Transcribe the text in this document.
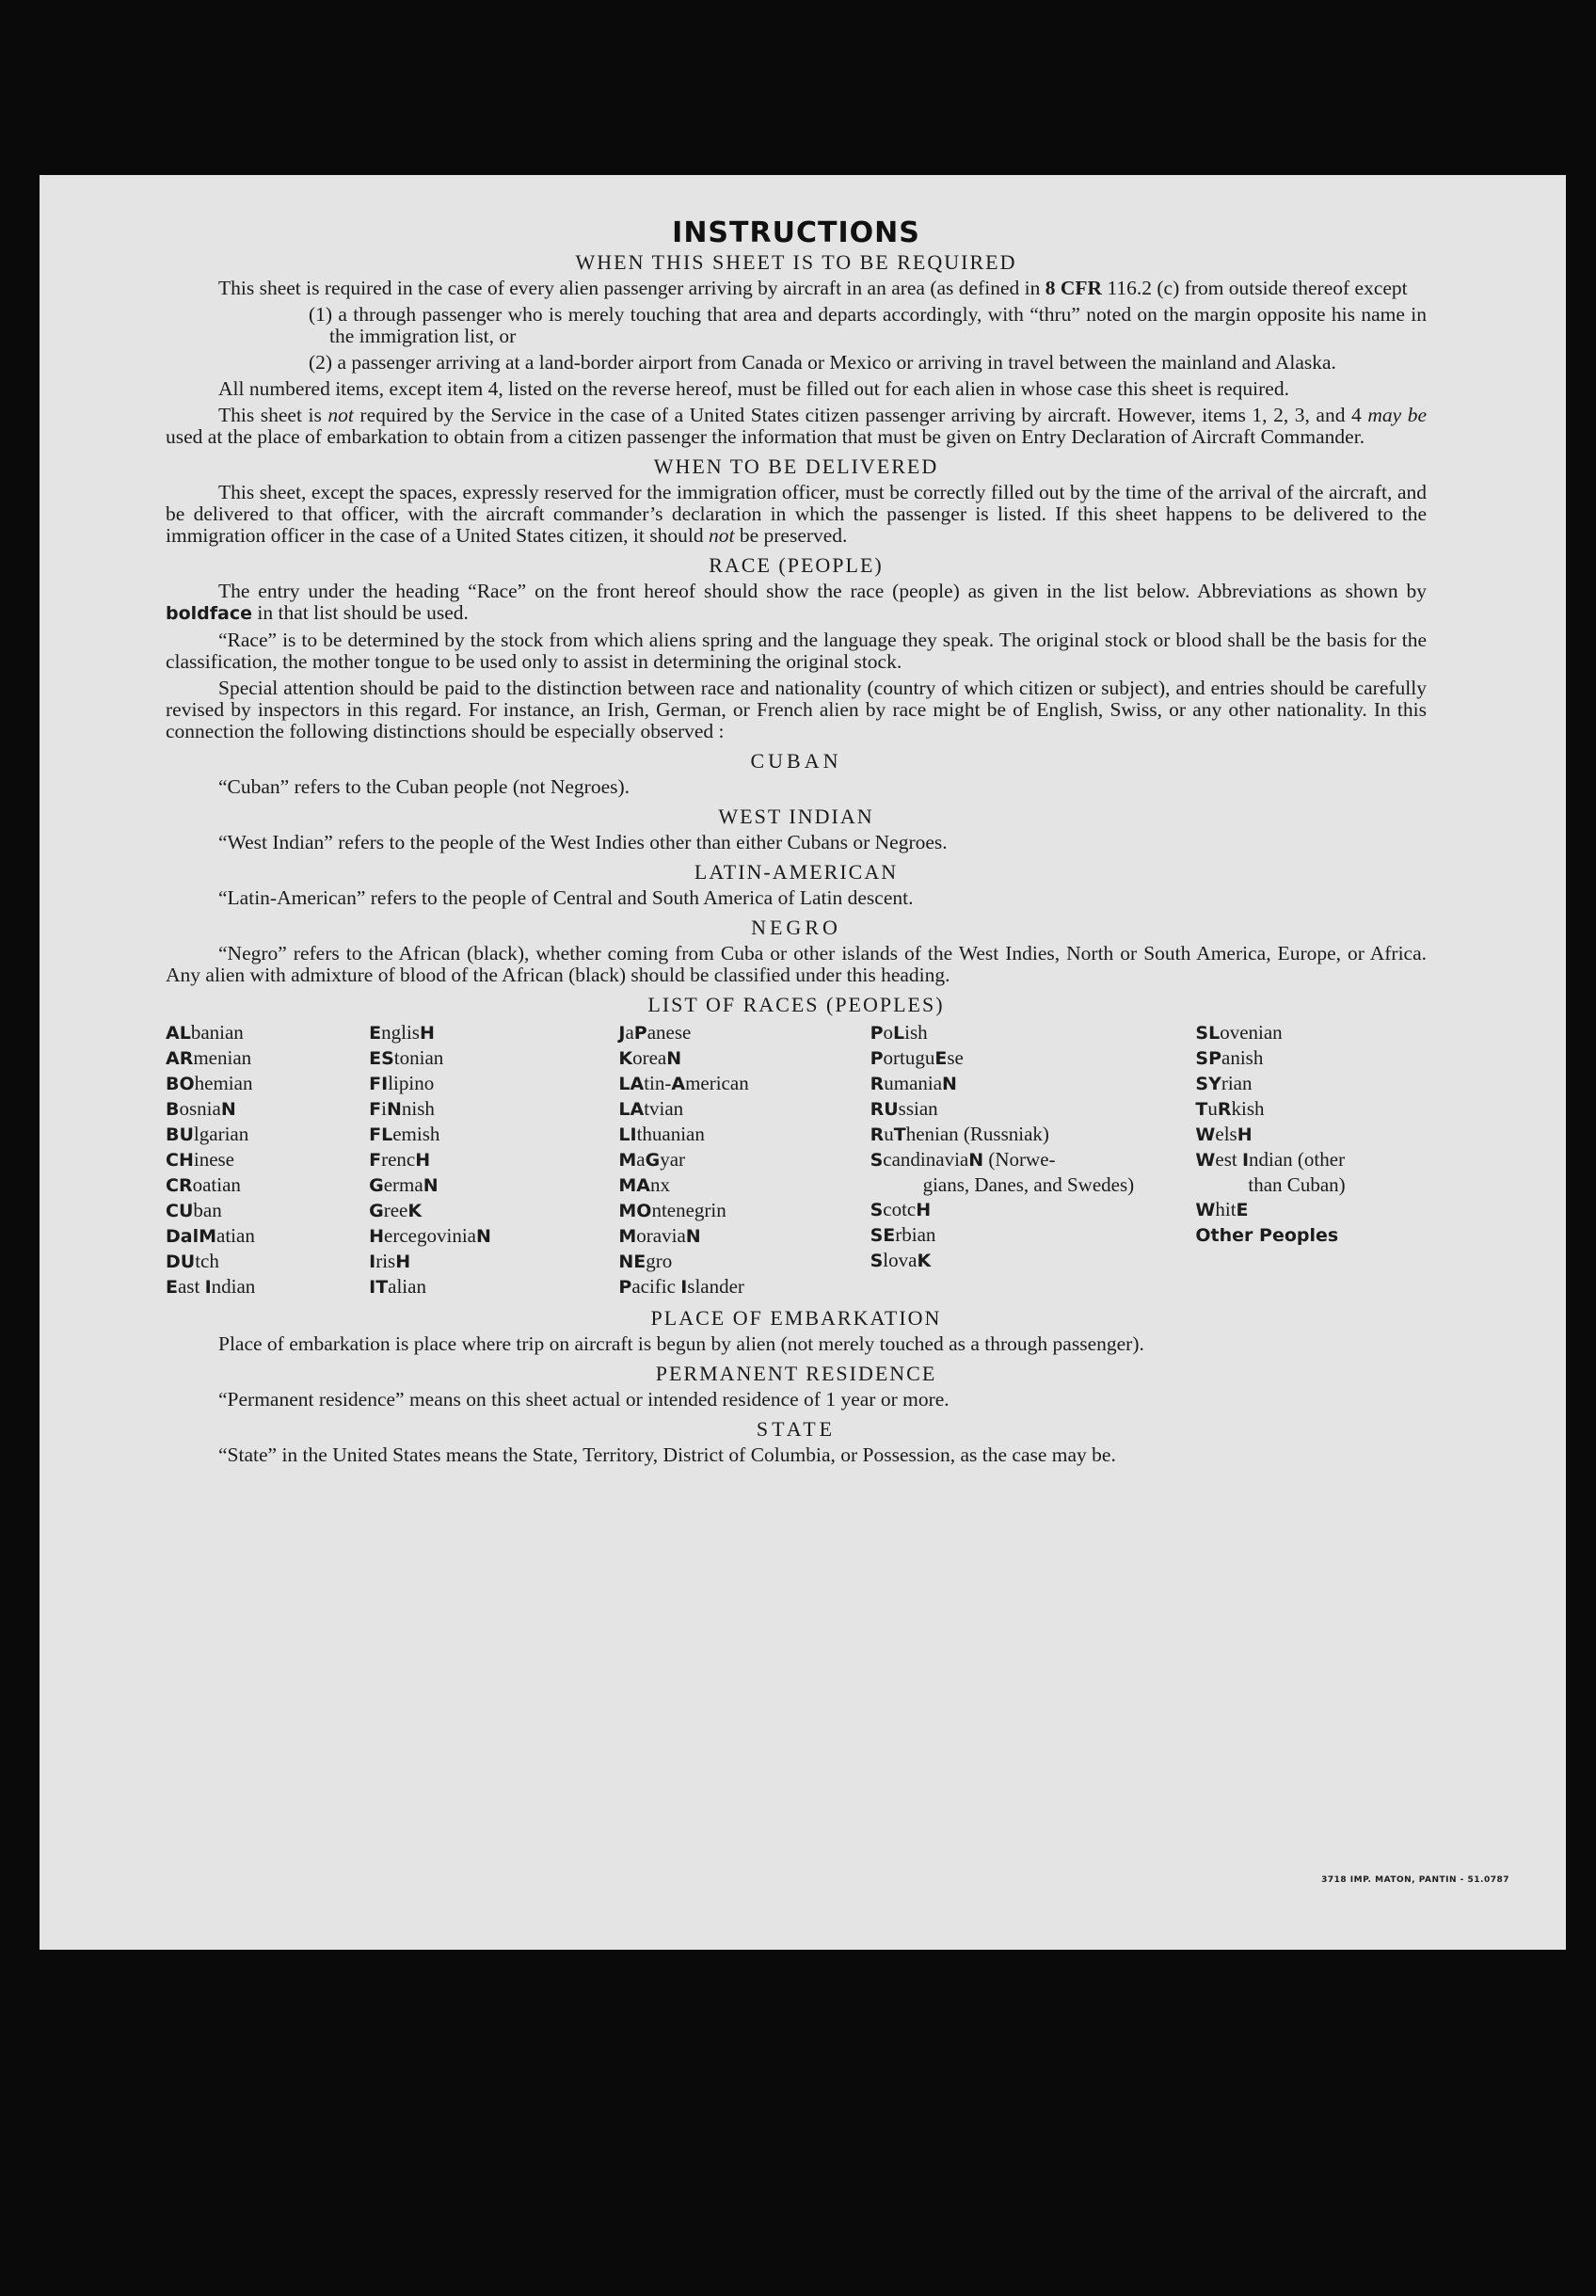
INSTRUCTIONS
WHEN THIS SHEET IS TO BE REQUIRED

This sheet is required in the case of every alien passenger arriving by aircraft in an area (as defined in 8 CFR 116.2 (c) from outside thereof except

(1) a through passenger who is merely touching that area and departs accordingly, with “thru” noted on the margin opposite his name in the immigration list, or

(2) a passenger arriving at a land-border airport from Canada or Mexico or arriving in travel between the mainland and Alaska.

All numbered items, except item 4, listed on the reverse hereof, must be filled out for each alien in whose case this sheet is required.

This sheet is not required by the Service in the case of a United States citizen passenger arriving by aircraft. However, items 1, 2, 3, and 4 may be used at the place of embarkation to obtain from a citizen passenger the information that must be given on Entry Declaration of Aircraft Commander.

WHEN TO BE DELIVERED

This sheet, except the spaces, expressly reserved for the immigration officer, must be correctly filled out by the time of the arrival of the aircraft, and be delivered to that officer, with the aircraft commander’s declaration in which the passenger is listed. If this sheet happens to be delivered to the immigration officer in the case of a United States citizen, it should not be preserved.

RACE (PEOPLE)

The entry under the heading “Race” on the front hereof should show the race (people) as given in the list below. Abbreviations as shown by boldface in that list should be used.

“Race” is to be determined by the stock from which aliens spring and the language they speak. The original stock or blood shall be the basis for the classification, the mother tongue to be used only to assist in determining the original stock.

Special attention should be paid to the distinction between race and nationality (country of which citizen or subject), and entries should be carefully revised by inspectors in this regard. For instance, an Irish, German, or French alien by race might be of English, Swiss, or any other nationality. In this connection the following distinctions should be especially observed :

CUBAN

“Cuban” refers to the Cuban people (not Negroes).

WEST INDIAN

“West Indian” refers to the people of the West Indies other than either Cubans or Negroes.

LATIN-AMERICAN

“Latin-American” refers to the people of Central and South America of Latin descent.

NEGRO

“Negro” refers to the African (black), whether coming from Cuba or other islands of the West Indies, North or South America, Europe, or Africa. Any alien with admixture of blood of the African (black) should be classified under this heading.

LIST OF RACES (PEOPLES)
ALbanian
ARmenian
BOhemian
BosniaN
BUlgarian
CHinese
CRoatian
CUban
DalMatian
DUtch
East Indian
EnglisH
EStonian
FIlipino
FiNnish
FLemish
FrencH
GermaN
GreeK
HercegoviniaN
IrisH
ITalian
JaPanese
KoreaN
LAtin-American
LAtvian
LIthuanian
MaGyar
MAnx
MOntenegrin
MoraviaN
NEgro
Pacific Islander
PoLish
PortuguEse
RumaniaN
RUssian
RuThenian (Russniak)
ScandinaviaN (Norwe-
gians, Danes, and Swedes)
ScotcH
SErbian
SlovaK
SLovenian
SPanish
SYrian
TuRkish
WelsH
West Indian (other
than Cuban)
WhitE
Other Peoples
PLACE OF EMBARKATION

Place of embarkation is place where trip on aircraft is begun by alien (not merely touched as a through passenger).

PERMANENT RESIDENCE

“Permanent residence” means on this sheet actual or intended residence of 1 year or more.

STATE

“State” in the United States means the State, Territory, District of Columbia, or Possession, as the case may be.

3718 IMP. MATON, PANTIN - 51.0787
